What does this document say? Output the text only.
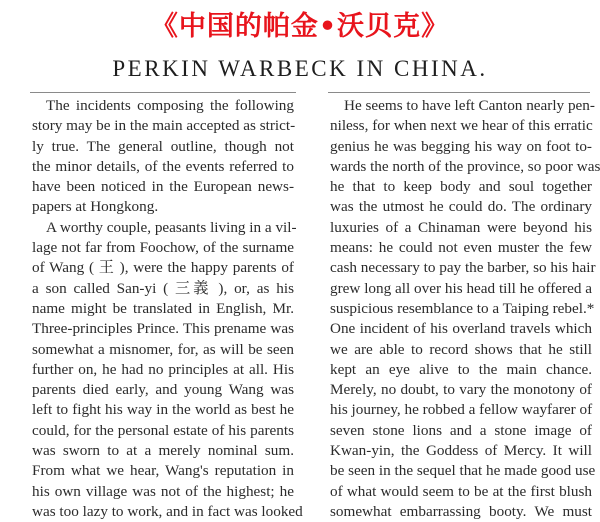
《中国的帕金•沃贝克》
PERKIN WARBECK IN CHINA.
The incidents composing the following
story may be in the main accepted as strict-
ly true. The general outline, though not
the minor details, of the events referred to
have been noticed in the European news-
papers at Hongkong.
A worthy couple, peasants living in a vil-
lage not far from Foochow, of the surname
of Wang ( 王 ), were the happy parents of
a son called San-yi ( 三義 ), or, as his
name might be translated in English, Mr.
Three-principles Prince. This prename was
somewhat a misnomer, for, as will be seen
further on, he had no principles at all. His
parents died early, and young Wang was
left to fight his way in the world as best he
could, for the personal estate of his parents
was sworn to at a merely nominal sum.
From what we hear, Wang's reputation in
his own village was not of the highest; he
was too lazy to work, and in fact was looked
He seems to have left Canton nearly pen-
niless, for when next we hear of this erratic
genius he was begging his way on foot to-
wards the north of the province, so poor was
he that to keep body and soul together
was the utmost he could do. The ordinary
luxuries of a Chinaman were beyond his
means: he could not even muster the few
cash necessary to pay the barber, so his hair
grew long all over his head till he offered a
suspicious resemblance to a Taiping rebel.*
One incident of his overland travels which
we are able to record shows that he still
kept an eye alive to the main chance.
Merely, no doubt, to vary the monotony of
his journey, he robbed a fellow wayfarer of
seven stone lions and a stone image of
Kwan-yin, the Goddess of Mercy. It will
be seen in the sequel that he made good use
of what would seem to be at the first blush
somewhat embarrassing booty. We must
